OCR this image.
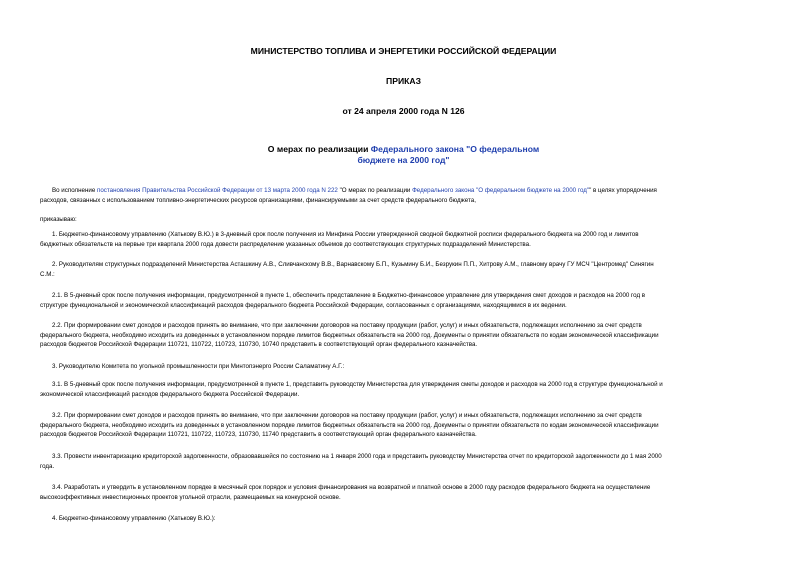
МИНИСТЕРСТВО ТОПЛИВА И ЭНЕРГЕТИКИ РОССИЙСКОЙ ФЕДЕРАЦИИ
ПРИКАЗ
от 24 апреля 2000 года N 126
О мерах по реализации Федерального закона "О федеральном
бюджете на 2000 год"
Во исполнение постановления Правительства Российской Федерации от 13 марта 2000 года N 222 "О мерах по реализации Федерального закона "О федеральном бюджете на 2000 год"" в целях упорядочения
расходов, связанных с использованием топливно-энергетических ресурсов организациями, финансируемыми за счет средств федерального бюджета,
приказываю:
1. Бюджетно-финансовому управлению (Хатькову В.Ю.) в 3-дневный срок после получения из Минфина России утвержденной сводной бюджетной росписи федерального бюджета на 2000 год и лимитов
бюджетных обязательств на первые три квартала 2000 года довести распределение указанных объемов до соответствующих структурных подразделений Министерства.
2. Руководителям структурных подразделений Министерства Асташкину А.В., Сливчанскому В.В., Варнавскому Б.П., Кузьмину Б.И., Безрукин П.П., Хитрову А.М., главному врачу ГУ МСЧ "Центромед" Синягин
С.М.:
2.1. В 5-дневный срок после получения информации, предусмотренной в пункте 1, обеспечить представление в Бюджетно-финансовое управление для утверждения смет доходов и расходов на 2000 год в
структуре функциональной и экономической классификаций расходов федерального бюджета Российской Федерации, согласованных с организациями, находящимися в их ведении.
2.2. При формировании смет доходов и расходов принять во внимание, что при заключении договоров на поставку продукции (работ, услуг) и иных обязательств, подлежащих исполнению за счет средств
федерального бюджета, необходимо исходить из доведенных в установленном порядке лимитов бюджетных обязательств на 2000 год. Документы о принятии обязательств по кодам экономической классификации
расходов бюджетов Российской Федерации 110721, 110722, 110723, 110730, 10740 представить в соответствующий орган федерального казначейства.
3. Руководителю Комитета по угольной промышленности при Минтопэнерго России Саламатину А.Г.:
3.1. В 5-дневный срок после получения информации, предусмотренной в пункте 1, представить руководству Министерства для утверждения сметы доходов и расходов на 2000 год в структуре функциональной и
экономической классификаций расходов федерального бюджета Российской Федерации.
3.2. При формировании смет доходов и расходов принять во внимание, что при заключении договоров на поставку продукции (работ, услуг) и иных обязательств, подлежащих исполнению за счет средств
федерального бюджета, необходимо исходить из доведенных в установленном порядке лимитов бюджетных обязательств на 2000 год. Документы о принятии обязательств по кодам экономической классификации
расходов бюджетов Российской Федерации 110721, 110722, 110723, 110730, 11740 представить в соответствующий орган федерального казначейства.
3.3. Провести инвентаризацию кредиторской задолженности, образовавшейся по состоянию на 1 января 2000 года и представить руководству Министерства отчет по кредиторской задолженности до 1 мая 2000
года.
3.4. Разработать и утвердить в установленном порядке в месячный срок порядок и условия финансирования на возвратной и платной основе в 2000 году расходов федерального бюджета на осуществление
высокоэффективных инвестиционных проектов угольной отрасли, размещаемых на конкурсной основе.
4. Бюджетно-финансовому управлению (Хатькову В.Ю.):
